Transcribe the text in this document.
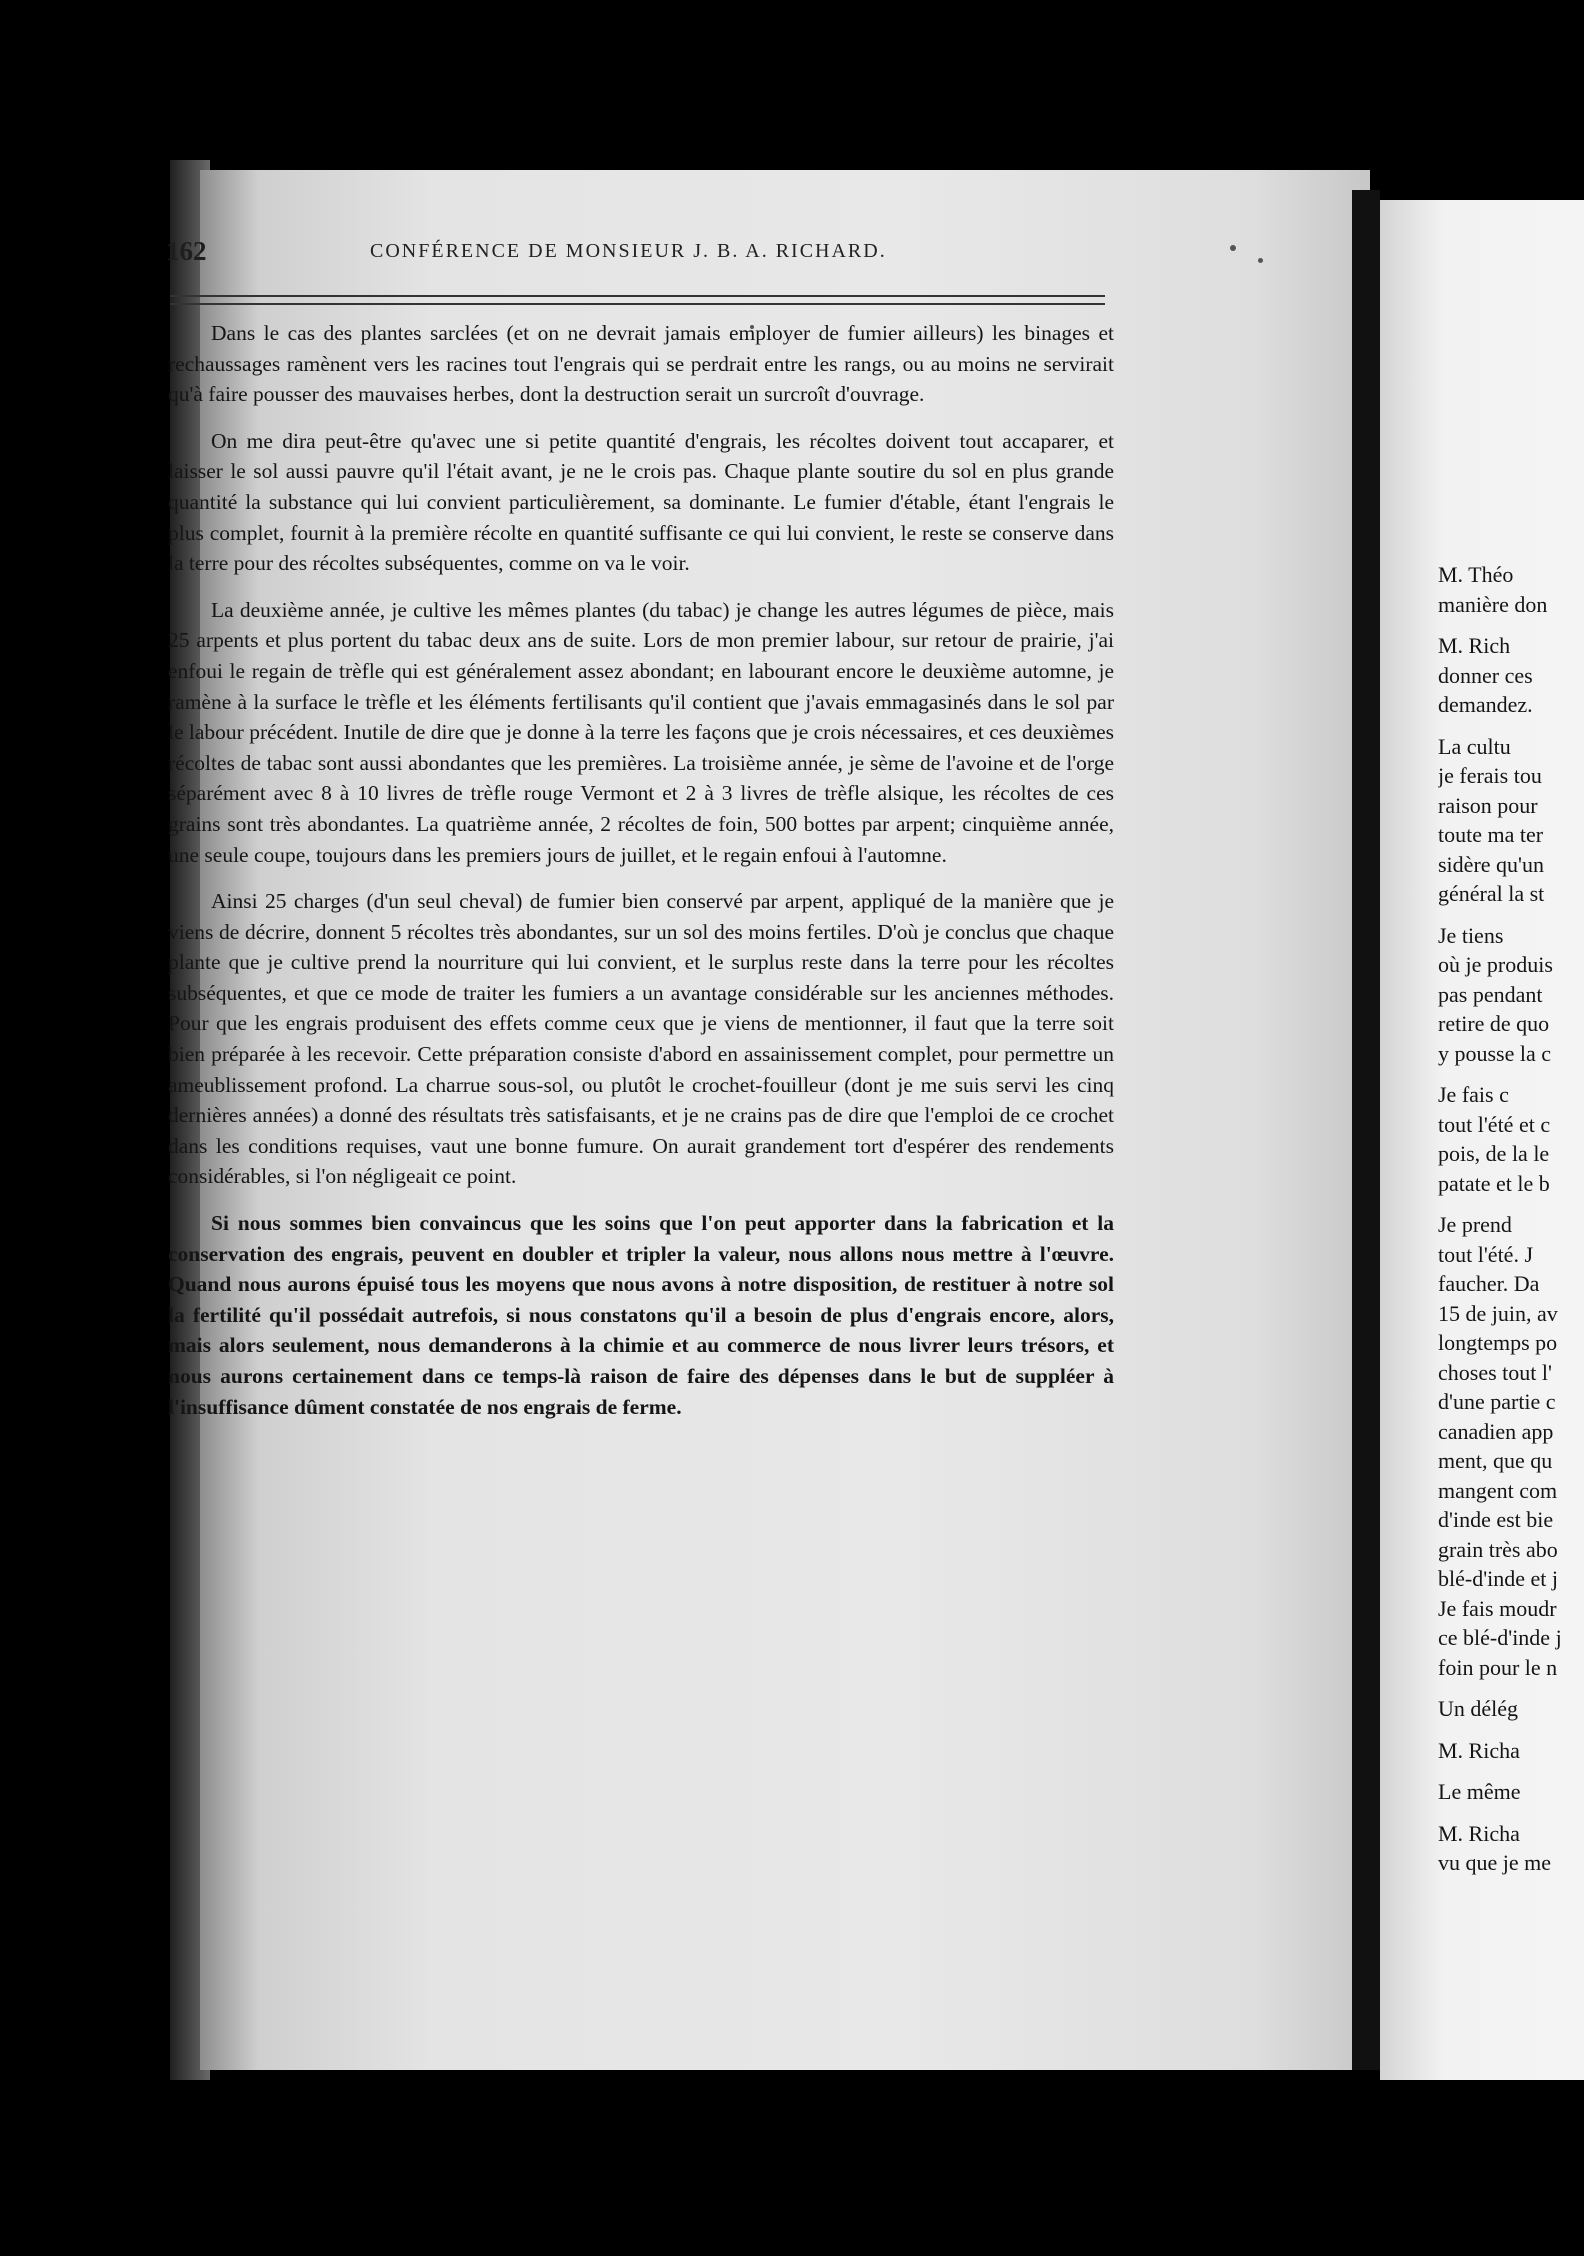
162	CONFÉRENCE DE MONSIEUR J. B. A. RICHARD.

Dans le cas des plantes sarclées (et on ne devrait jamais employer de fumier ailleurs) les binages et rechaussages ramènent vers les racines tout l'engrais qui se perdrait entre les rangs, ou au moins ne servirait qu'à faire pousser des mauvaises herbes, dont la destruction serait un surcroît d'ouvrage.

On me dira peut-être qu'avec une si petite quantité d'engrais, les récoltes doivent tout accaparer, et laisser le sol aussi pauvre qu'il l'était avant, je ne le crois pas. Chaque plante soutire du sol en plus grande quantité la substance qui lui convient particulièrement, sa dominante. Le fumier d'étable, étant l'engrais le plus complet, fournit à la première récolte en quantité suffisante ce qui lui convient, le reste se conserve dans la terre pour des récoltes subséquentes, comme on va le voir.

La deuxième année, je cultive les mêmes plantes (du tabac) je change les autres légumes de pièce, mais 25 arpents et plus portent du tabac deux ans de suite. Lors de mon premier labour, sur retour de prairie, j'ai enfoui le regain de trèfle qui est généralement assez abondant; en labourant encore le deuxième automne, je ramène à la surface le trèfle et les éléments fertilisants qu'il contient que j'avais emmagasinés dans le sol par le labour précédent. Inutile de dire que je donne à la terre les façons que je crois nécessaires, et ces deuxièmes récoltes de tabac sont aussi abondantes que les premières. La troisième année, je sème de l'avoine et de l'orge séparément avec 8 à 10 livres de trèfle rouge Vermont et 2 à 3 livres de trèfle alsique, les récoltes de ces grains sont très abondantes. La quatrième année, 2 récoltes de foin, 500 bottes par arpent; cinquième année, une seule coupe, toujours dans les premiers jours de juillet, et le regain enfoui à l'automne.

Ainsi 25 charges (d'un seul cheval) de fumier bien conservé par arpent, appliqué de la manière que je viens de décrire, donnent 5 récoltes très abondantes, sur un sol des moins fertiles. D'où je conclus que chaque plante que je cultive prend la nourriture qui lui convient, et le surplus reste dans la terre pour les récoltes subséquentes, et que ce mode de traiter les fumiers a un avantage considérable sur les anciennes méthodes. Pour que les engrais produisent des effets comme ceux que je viens de mentionner, il faut que la terre soit bien préparée à les recevoir. Cette préparation consiste d'abord en assainissement complet, pour permettre un ameublissement profond. La charrue sous-sol, ou plutôt le crochet-fouilleur (dont je me suis servi les cinq dernières années) a donné des résultats très satisfaisants, et je ne crains pas de dire que l'emploi de ce crochet dans les conditions requises, vaut une bonne fumure. On aurait grandement tort d'espérer des rendements considérables, si l'on négligeait ce point.

Si nous sommes bien convaincus que les soins que l'on peut apporter dans la fabrication et la conservation des engrais, peuvent en doubler et tripler la valeur, nous allons nous mettre à l'œuvre. Quand nous aurons épuisé tous les moyens que nous avons à notre disposition, de restituer à notre sol la fertilité qu'il possédait autrefois, si nous constatons qu'il a besoin de plus d'engrais encore, alors, mais alors seulement, nous demanderons à la chimie et au commerce de nous livrer leurs trésors, et nous aurons certainement dans ce temps-là raison de faire des dépenses dans le but de suppléer à l'insuffisance dûment constatée de nos engrais de ferme.

M. Théo
manière don
M. Rich
donner ces
demandez.
La cultu
je ferais tou
raison pour
toute ma ter
sidère qu'un
général la st
Je tiens
où je produis
pas pendant
retire de quo
y pousse la c
Je fais c
tout l'été et c
pois, de la le
patate et le b
Je prend
tout l'été. J
faucher. Da
15 de juin, av
longtemps po
choses tout l'
d'une partie c
canadien app
ment, que qu
mangent com
d'inde est bie
grain très abo
blé-d'inde et j
Je fais moudr
ce blé-d'inde j
foin pour le n
Un délég
M. Richa
Le même
M. Richa
vu que je me
